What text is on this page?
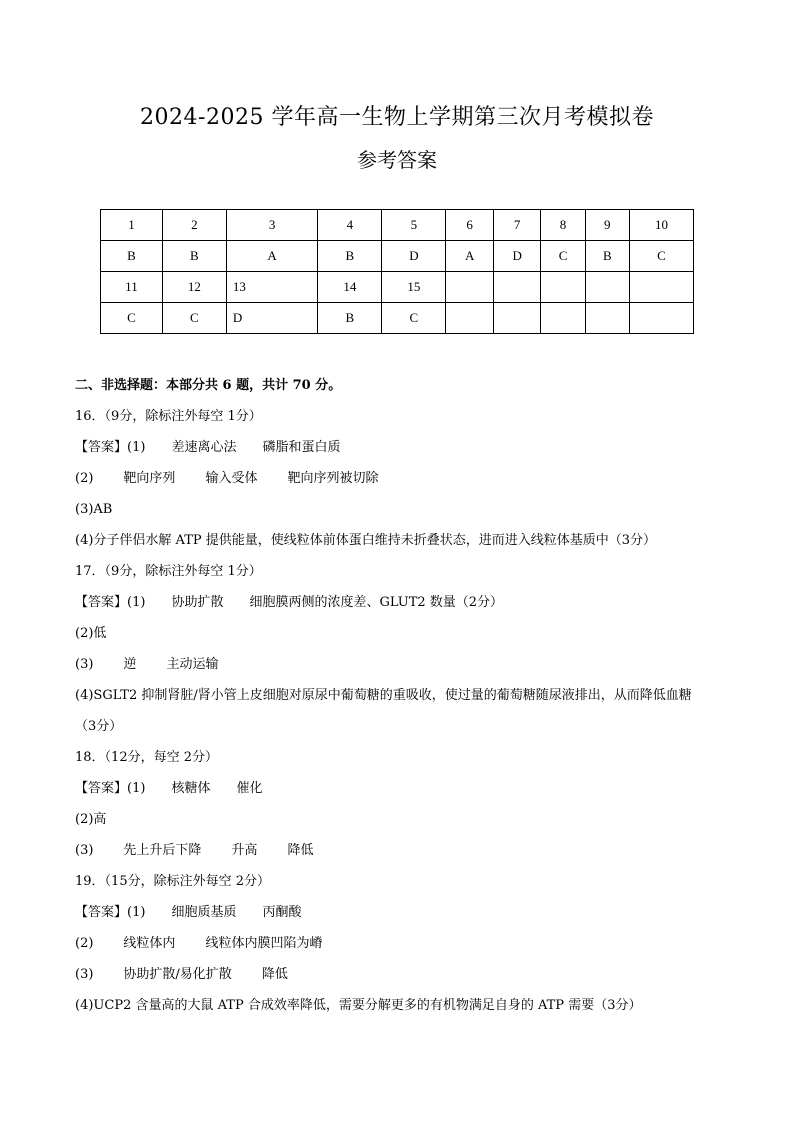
2024-2025 学年高一生物上学期第三次月考模拟卷
参考答案
1	2	3	4	5	6	7	8	9	10
B	B	A	B	D	A	D	C	B	C
11	12	13	14	15					
C	C	D	B	C					
二、非选择题：本部分共 6 题，共计 70 分。
16．（9分，除标注外每空 1分）
【答案】(1) 差速离心法 磷脂和蛋白质
(2) 靶向序列 输入受体 靶向序列被切除
(3)AB
(4)分子伴侣水解 ATP 提供能量，使线粒体前体蛋白维持未折叠状态，进而进入线粒体基质中（3分）
17．（9分，除标注外每空 1分）
【答案】(1) 协助扩散 细胞膜两侧的浓度差、GLUT2 数量（2分）
(2)低
(3) 逆 主动运输
(4)SGLT2 抑制肾脏/肾小管上皮细胞对原尿中葡萄糖的重吸收，使过量的葡萄糖随尿液排出，从而降低血糖
（3分）
18．（12分，每空 2分）
【答案】(1) 核糖体 催化
(2)高
(3) 先上升后下降 升高 降低
19．（15分，除标注外每空 2分）
【答案】(1) 细胞质基质 丙酮酸
(2) 线粒体内 线粒体内膜凹陷为嵴
(3) 协助扩散/易化扩散 降低
(4)UCP2 含量高的大鼠 ATP 合成效率降低，需要分解更多的有机物满足自身的 ATP 需要（3分）
